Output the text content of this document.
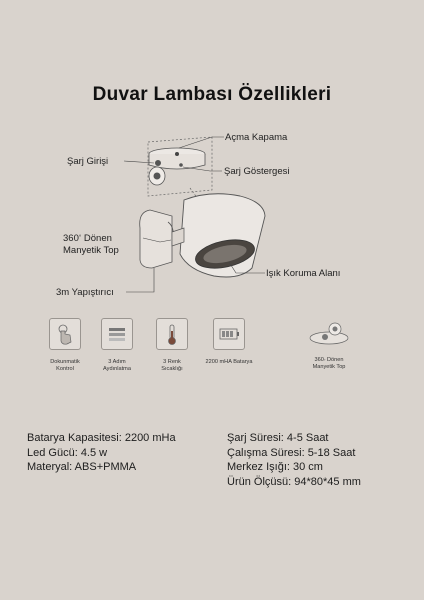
Duvar Lambası Özellikleri
Açma Kapama
Şarj Girişi
Şarj Göstergesi
360° Dönen
Manyetik Top
Işık Koruma Alanı
3m Yapıştırıcı
Dokunmatik
Kontrol
3 Adım
Aydınlatma
3 Renk
Sıcaklığı
2200 mHA Batarya	360° Dönen
Manyetik Top
Batarya Kapasitesi: 2200 mHa
Led Gücü: 4.5 w
Materyal: ABS+PMMA
Şarj Süresi: 4-5 Saat
Çalışma Süresi: 5-18 Saat
Merkez Işığı: 30 cm
Ürün Ölçüsü: 94*80*45 mm
